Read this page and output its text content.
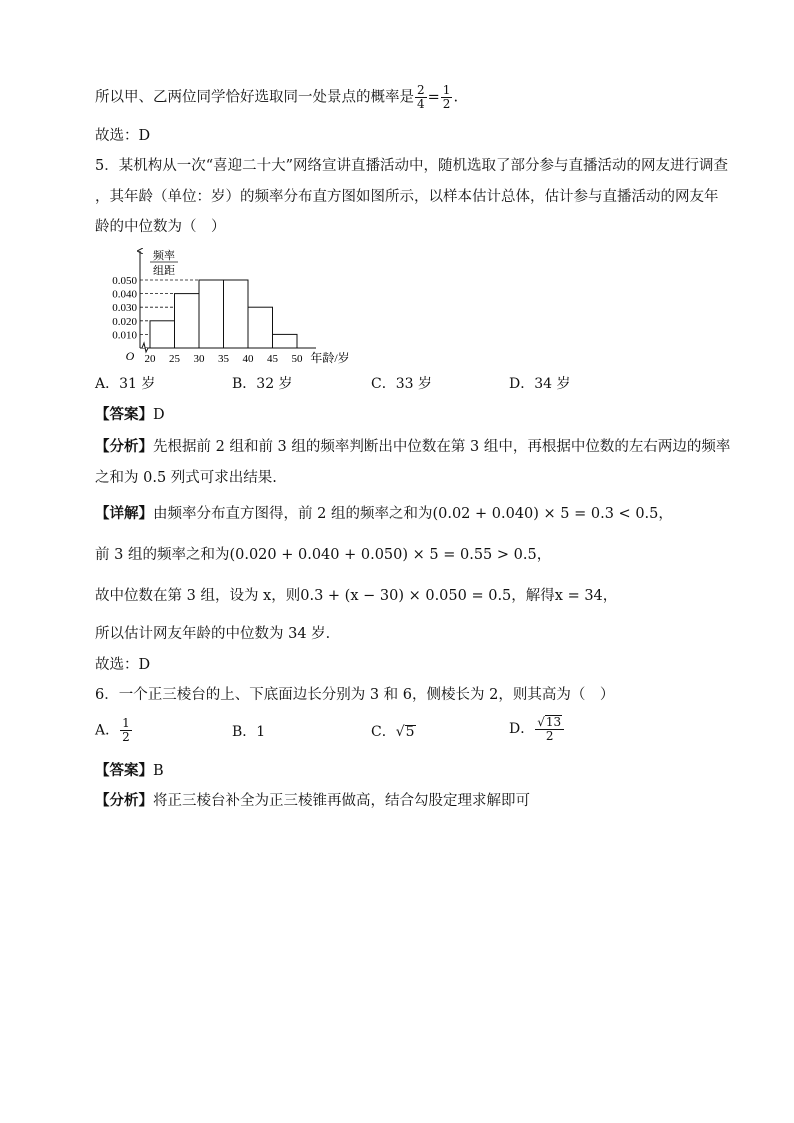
所以甲、乙两位同学恰好选取同一处景点的概率是 $\frac{2}{4} = \frac{1}{2}$ .
故选：D
5．某机构从一次“喜迎二十大”网络宣讲直播活动中，随机选取了部分参与直播活动的网友进行调查
，其年龄（单位：岁）的频率分布直方图如图所示，以样本估计总体，估计参与直播活动的网友年
龄的中位数为（　）
频率
组距
0.010
0.020
0.030
0.040
0.050
20 25 30 35 40 45 50 年龄/岁
O
A．31 岁	B．32 岁	C．33 岁	D．34 岁
【答案】D
【分析】先根据前 2 组和前 3 组的频率判断出中位数在第 3 组中，再根据中位数的左右两边的频率
之和为 0.5 列式可求出结果.
【详解】由频率分布直方图得，前 2 组的频率之和为(0.02 + 0.040) × 5 = 0.3 < 0.5，
前 3 组的频率之和为(0.020 + 0.040 + 0.050) × 5 = 0.55 > 0.5，
故中位数在第 3 组，设为 x，则0.3 + (x − 30) × 0.050 = 0.5，解得x = 34，
所以估计网友年龄的中位数为 34 岁．
故选：D
6．一个正三棱台的上、下底面边长分别为 3 和 6，侧棱长为 2，则其高为（　）
A． $\frac{1}{2}$	B．1	C．√5	D． $\frac{√13}{2}$
【答案】B
【分析】将正三棱台补全为正三棱锥再做高，结合勾股定理求解即可
